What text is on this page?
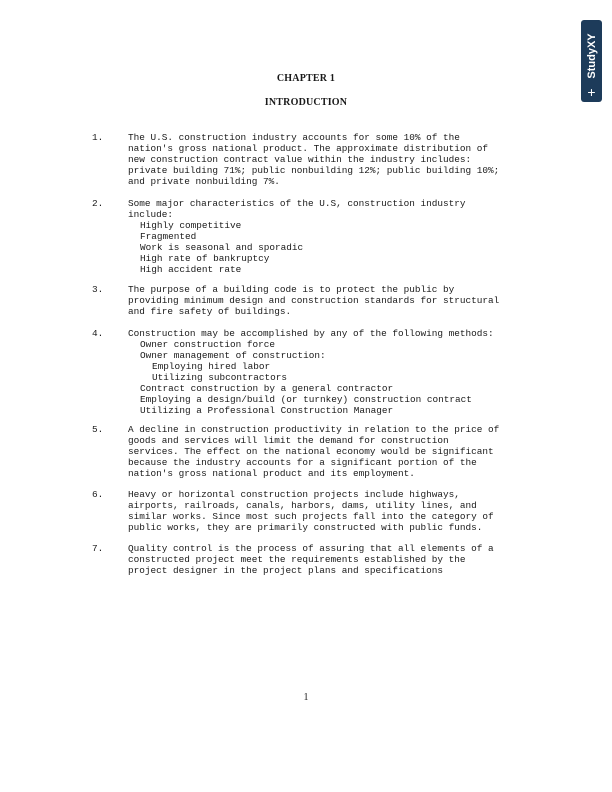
StudyXY
+
CHAPTER 1
INTRODUCTION
1.	The U.S. construction industry accounts for some 10% of the
nation's gross national product. The approximate distribution of
new construction contract value within the industry includes:
private building 71%; public nonbuilding 12%; public building 10%;
and private nonbuilding 7%.
2.	Some major characteristics of the U.S, construction industry
include:
Highly competitive
Fragmented
Work is seasonal and sporadic
High rate of bankruptcy
High accident rate
3.	The purpose of a building code is to protect the public by
providing minimum design and construction standards for structural
and fire safety of buildings.
4.	Construction may be accomplished by any of the following methods:
Owner construction force
Owner management of construction:
Employing hired labor
Utilizing subcontractors
Contract construction by a general contractor
Employing a design/build (or turnkey) construction contract
Utilizing a Professional Construction Manager
5.	A decline in construction productivity in relation to the price of
goods and services will limit the demand for construction
services. The effect on the national economy would be significant
because the industry accounts for a significant portion of the
nation's gross national product and its employment.
6.	Heavy or horizontal construction projects include highways,
airports, railroads, canals, harbors, dams, utility lines, and
similar works. Since most such projects fall into the category of
public works, they are primarily constructed with public funds.
7.	Quality control is the process of assuring that all elements of a
constructed project meet the requirements established by the
project designer in the project plans and specifications
1
